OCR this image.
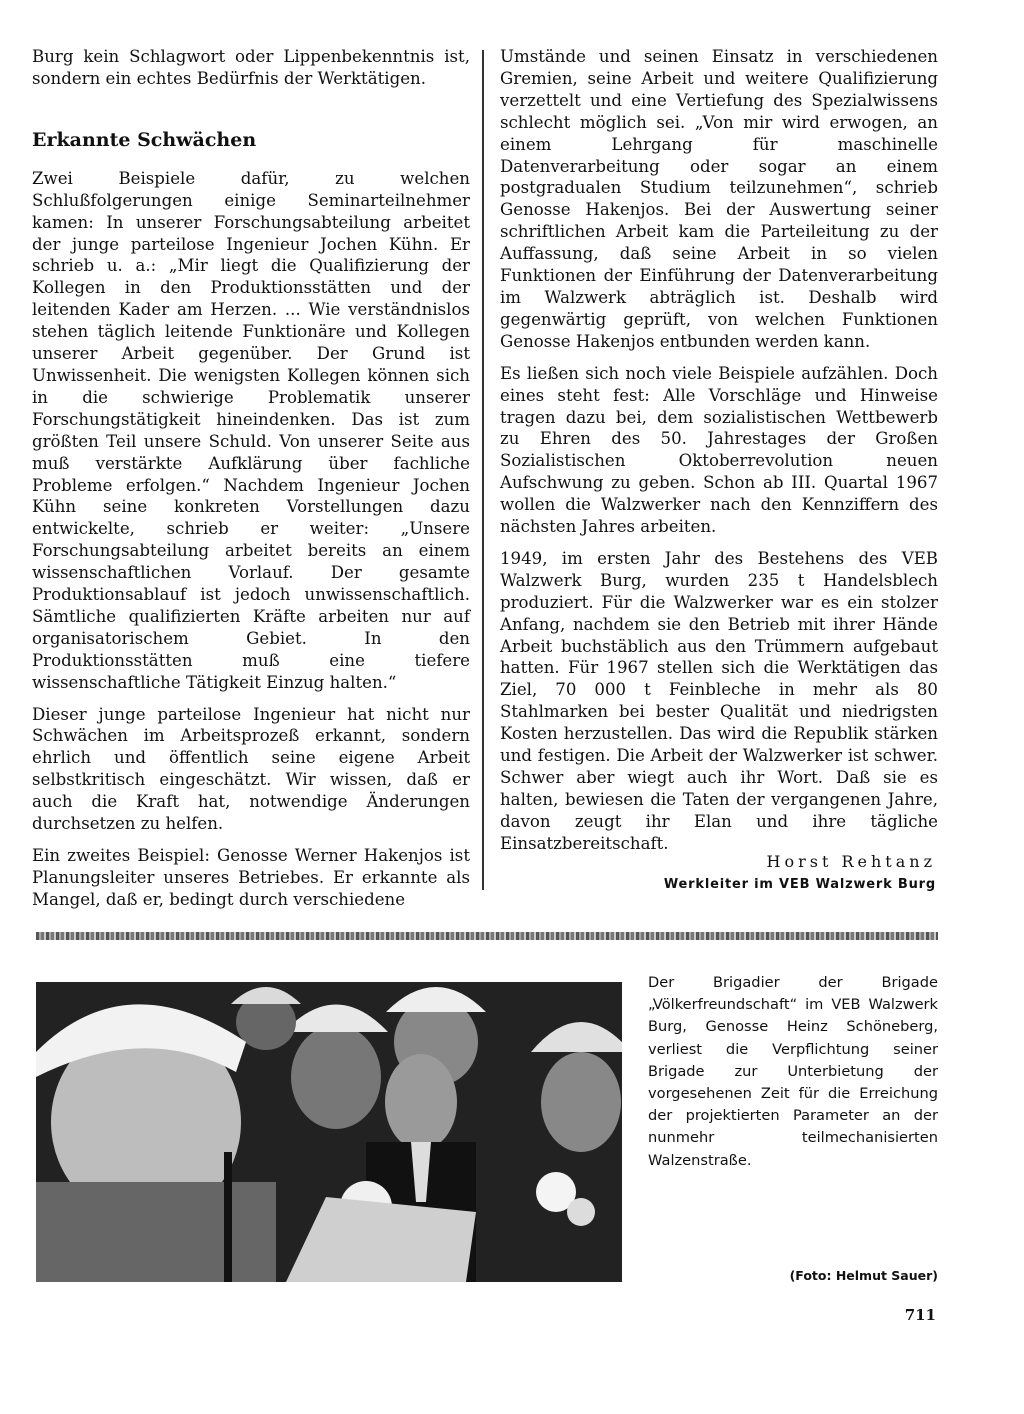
Burg kein Schlagwort oder Lippenbekenntnis ist, sondern ein echtes Bedürfnis der Werktätigen.

Erkannte Schwächen

Zwei Beispiele dafür, zu welchen Schlußfolgerungen einige Seminarteilnehmer kamen: In unserer Forschungsabteilung arbeitet der junge parteilose Ingenieur Jochen Kühn. Er schrieb u. a.: „Mir liegt die Qualifizierung der Kollegen in den Produktionsstätten und der leitenden Kader am Herzen. ... Wie verständnislos stehen täglich leitende Funktionäre und Kollegen unserer Arbeit gegenüber. Der Grund ist Unwissenheit. Die wenigsten Kollegen können sich in die schwierige Problematik unserer Forschungstätigkeit hineindenken. Das ist zum größten Teil unsere Schuld. Von unserer Seite aus muß verstärkte Aufklärung über fachliche Probleme erfolgen.“ Nachdem Ingenieur Jochen Kühn seine konkreten Vorstellungen dazu entwickelte, schrieb er weiter: „Unsere Forschungsabteilung arbeitet bereits an einem wissenschaftlichen Vorlauf. Der gesamte Produktionsablauf ist jedoch unwissenschaftlich. Sämtliche qualifizierten Kräfte arbeiten nur auf organisatorischem Gebiet. In den Produktionsstätten muß eine tiefere wissenschaftliche Tätigkeit Einzug halten.“

Dieser junge parteilose Ingenieur hat nicht nur Schwächen im Arbeitsprozeß erkannt, sondern ehrlich und öffentlich seine eigene Arbeit selbstkritisch eingeschätzt. Wir wissen, daß er auch die Kraft hat, notwendige Änderungen durchsetzen zu helfen.

Ein zweites Beispiel: Genosse Werner Hakenjos ist Planungsleiter unseres Betriebes. Er erkannte als Mangel, daß er, bedingt durch verschiedene

Umstände und seinen Einsatz in verschiedenen Gremien, seine Arbeit und weitere Qualifizierung verzettelt und eine Vertiefung des Spezialwissens schlecht möglich sei. „Von mir wird erwogen, an einem Lehrgang für maschinelle Datenverarbeitung oder sogar an einem postgradualen Studium teilzunehmen“, schrieb Genosse Hakenjos. Bei der Auswertung seiner schriftlichen Arbeit kam die Parteileitung zu der Auffassung, daß seine Arbeit in so vielen Funktionen der Einführung der Datenverarbeitung im Walzwerk abträglich ist. Deshalb wird gegenwärtig geprüft, von welchen Funktionen Genosse Hakenjos entbunden werden kann.

Es ließen sich noch viele Beispiele aufzählen. Doch eines steht fest: Alle Vorschläge und Hinweise tragen dazu bei, dem sozialistischen Wettbewerb zu Ehren des 50. Jahrestages der Großen Sozialistischen Oktoberrevolution neuen Aufschwung zu geben. Schon ab III. Quartal 1967 wollen die Walzwerker nach den Kennziffern des nächsten Jahres arbeiten.

1949, im ersten Jahr des Bestehens des VEB Walzwerk Burg, wurden 235 t Handelsblech produziert. Für die Walzwerker war es ein stolzer Anfang, nachdem sie den Betrieb mit ihrer Hände Arbeit buchstäblich aus den Trümmern aufgebaut hatten. Für 1967 stellen sich die Werktätigen das Ziel, 70 000 t Feinbleche in mehr als 80 Stahlmarken bei bester Qualität und niedrigsten Kosten herzustellen. Das wird die Republik stärken und festigen. Die Arbeit der Walzwerker ist schwer. Schwer aber wiegt auch ihr Wort. Daß sie es halten, bewiesen die Taten der vergangenen Jahre, davon zeugt ihr Elan und ihre tägliche Einsatzbereitschaft.

Horst Rehtanz
Werkleiter im VEB Walzwerk Burg
Der Brigadier der Brigade „Völkerfreundschaft“ im VEB Walzwerk Burg, Genosse Heinz Schöneberg, verliest die Verpflichtung seiner Brigade zur Unterbietung der vorgesehenen Zeit für die Erreichung der projektierten Parameter an der nunmehr teilmechanisierten Walzenstraße.
(Foto: Helmut Sauer)
711
